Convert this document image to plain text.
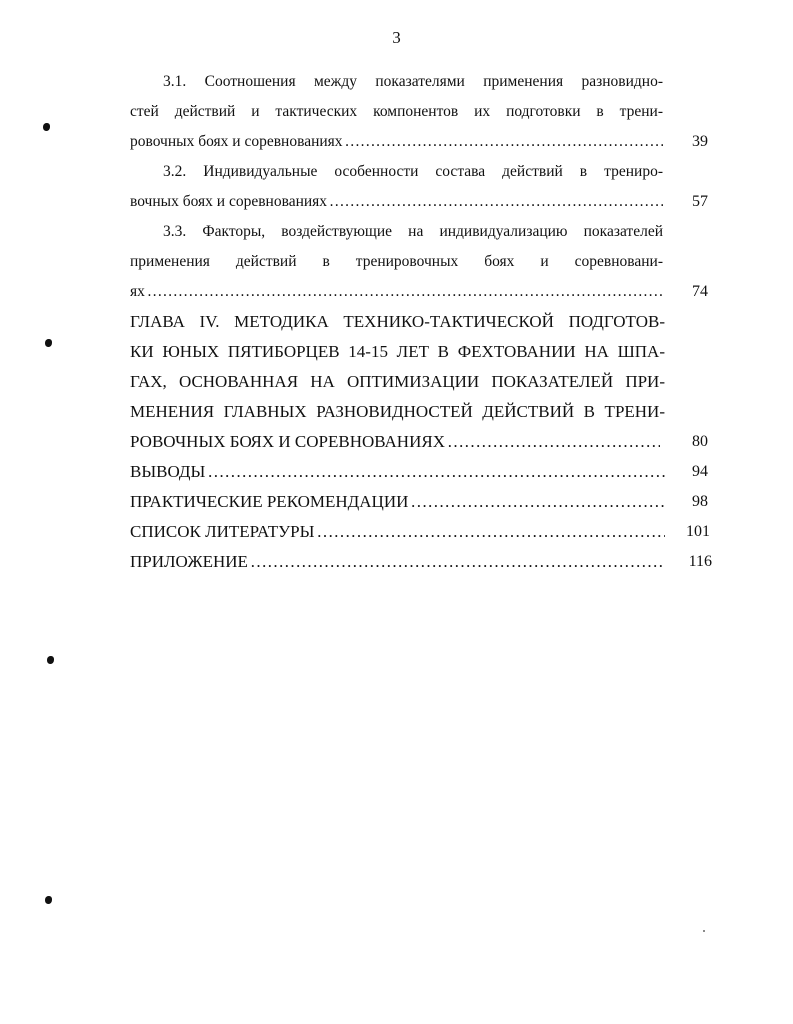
3
3.1. Соотношения между показателями применения разновидно-
стей действий и тактических компонентов их подготовки в трени-
ровочных боях и соревнованиях ………………………………………………………………………………………………………………………………………………………………	39
3.2. Индивидуальные особенности состава действий в трениро-
вочных боях и соревнованиях ………………………………………………………………………………………………………………………………………………………………	57
3.3. Факторы, воздействующие на индивидуализацию показателей
применения действий в тренировочных боях и соревновани-
ях ………………………………………………………………………………………………………………………………………………………………	74
ГЛАВА IV. МЕТОДИКА ТЕХНИКО-ТАКТИЧЕСКОЙ ПОДГОТОВ-
КИ ЮНЫХ ПЯТИБОРЦЕВ 14-15 ЛЕТ В ФЕХТОВАНИИ НА ШПА-
ГАХ, ОСНОВАННАЯ НА ОПТИМИЗАЦИИ ПОКАЗАТЕЛЕЙ ПРИ-
МЕНЕНИЯ ГЛАВНЫХ РАЗНОВИДНОСТЕЙ ДЕЙСТВИЙ В ТРЕНИ-
РОВОЧНЫХ БОЯХ И СОРЕВНОВАНИЯХ ………………………………………………………………………………………………………………………………………………………………	80
ВЫВОДЫ ………………………………………………………………………………………………………………………………………………………………	94
ПРАКТИЧЕСКИЕ РЕКОМЕНДАЦИИ ………………………………………………………………………………………………………………………………………………………………	98
СПИСОК ЛИТЕРАТУРЫ ………………………………………………………………………………………………………………………………………………………………	101
ПРИЛОЖЕНИЕ ………………………………………………………………………………………………………………………………………………………………	116
